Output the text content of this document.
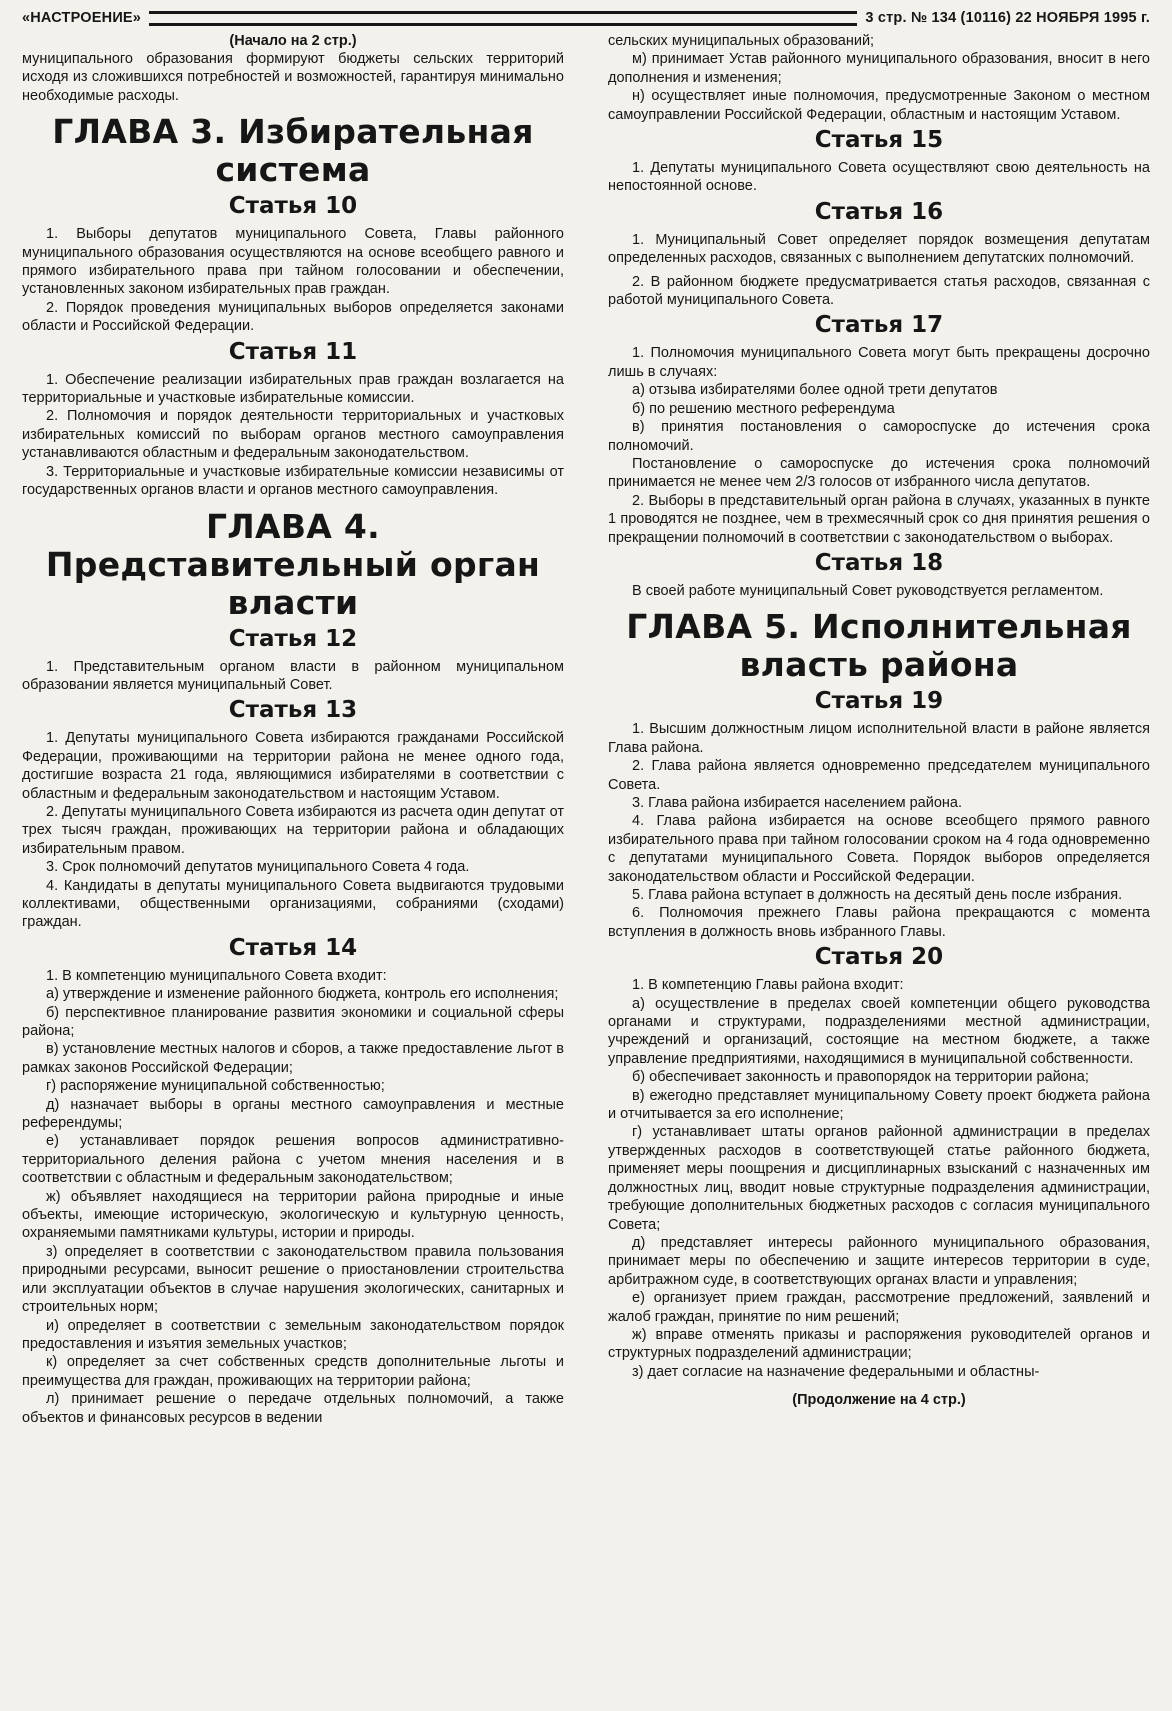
«НАСТРОЕНИЕ»	3 стр. № 134 (10116) 22 НОЯБРЯ 1995 г.
(Начало на 2 стр.)

муниципального образования формируют бюджеты сельских территорий исходя из сложившихся потребностей и возможностей, гарантируя минимально необходимые расходы.

ГЛАВА 3. Избирательная система
Статья 10

1. Выборы депутатов муниципального Совета, Главы районного муниципального образования осуществляются на основе всеобщего равного и прямого избирательного права при тайном голосовании и обеспечении, установленных законом избирательных прав граждан.

2. Порядок проведения муниципальных выборов определяется законами области и Российской Федерации.

Статья 11

1. Обеспечение реализации избирательных прав граждан возлагается на территориальные и участковые избирательные комиссии.

2. Полномочия и порядок деятельности территориальных и участковых избирательных комиссий по выборам органов местного самоуправления устанавливаются областным и федеральным законодательством.

3. Территориальные и участковые избирательные комиссии независимы от государственных органов власти и органов местного самоуправления.

ГЛАВА 4. Представительный орган власти
Статья 12

1. Представительным органом власти в районном муниципальном образовании является муниципальный Совет.

Статья 13

1. Депутаты муниципального Совета избираются гражданами Российской Федерации, проживающими на территории района не менее одного года, достигшие возраста 21 года, являющимися избирателями в соответствии с областным и федеральным законодательством и настоящим Уставом.

2. Депутаты муниципального Совета избираются из расчета один депутат от трех тысяч граждан, проживающих на территории района и обладающих избирательным правом.

3. Срок полномочий депутатов муниципального Совета 4 года.

4. Кандидаты в депутаты муниципального Совета выдвигаются трудовыми коллективами, общественными организациями, собраниями (сходами) граждан.

Статья 14

1. В компетенцию муниципального Совета входит:

а) утверждение и изменение районного бюджета, контроль его исполнения;

б) перспективное планирование развития экономики и социальной сферы района;

в) установление местных налогов и сборов, а также предоставление льгот в рамках законов Российской Федерации;

г) распоряжение муниципальной собственностью;

д) назначает выборы в органы местного самоуправления и местные референдумы;

е) устанавливает порядок решения вопросов административно-территориального деления района с учетом мнения населения и в соответствии с областным и федеральным законодательством;

ж) объявляет находящиеся на территории района природные и иные объекты, имеющие историческую, экологическую и культурную ценность, охраняемыми памятниками культуры, истории и природы.

з) определяет в соответствии с законодательством правила пользования природными ресурсами, выносит решение о приостановлении строительства или эксплуатации объектов в случае нарушения экологических, санитарных и строительных норм;

и) определяет в соответствии с земельным законодательством порядок предоставления и изъятия земельных участков;

к) определяет за счет собственных средств дополнительные льготы и преимущества для граждан, проживающих на территории района;

л) принимает решение о передаче отдельных полномочий, а также объектов и финансовых ресурсов в ведении

сельских муниципальных образований;

м) принимает Устав районного муниципального образования, вносит в него дополнения и изменения;

н) осуществляет иные полномочия, предусмотренные Законом о местном самоуправлении Российской Федерации, областным и настоящим Уставом.

Статья 15

1. Депутаты муниципального Совета осуществляют свою деятельность на непостоянной основе.

Статья 16

1. Муниципальный Совет определяет порядок возмещения депутатам определенных расходов, связанных с выполнением депутатских полномочий.

2. В районном бюджете предусматривается статья расходов, связанная с работой муниципального Совета.

Статья 17

1. Полномочия муниципального Совета могут быть прекращены досрочно лишь в случаях:

а) отзыва избирателями более одной трети депутатов

б) по решению местного референдума

в) принятия постановления о самороспуске до истечения срока полномочий.

Постановление о самороспуске до истечения срока полномочий принимается не менее чем 2/3 голосов от избранного числа депутатов.

2. Выборы в представительный орган района в случаях, указанных в пункте 1 проводятся не позднее, чем в трехмесячный срок со дня принятия решения о прекращении полномочий в соответствии с законодательством о выборах.

Статья 18

В своей работе муниципальный Совет руководствуется регламентом.

ГЛАВА 5. Исполнительная власть района
Статья 19

1. Высшим должностным лицом исполнительной власти в районе является Глава района.

2. Глава района является одновременно председателем муниципального Совета.

3. Глава района избирается населением района.

4. Глава района избирается на основе всеобщего прямого равного избирательного права при тайном голосовании сроком на 4 года одновременно с депутатами муниципального Совета. Порядок выборов определяется законодательством области и Российской Федерации.

5. Глава района вступает в должность на десятый день после избрания.

6. Полномочия прежнего Главы района прекращаются с момента вступления в должность вновь избранного Главы.

Статья 20

1. В компетенцию Главы района входит:

а) осуществление в пределах своей компетенции общего руководства органами и структурами, подразделениями местной администрации, учреждений и организаций, состоящие на местном бюджете, а также управление предприятиями, находящимися в муниципальной собственности.

б) обеспечивает законность и правопорядок на территории района;

в) ежегодно представляет муниципальному Совету проект бюджета района и отчитывается за его исполнение;

г) устанавливает штаты органов районной администрации в пределах утвержденных расходов в соответствующей статье районного бюджета, применяет меры поощрения и дисциплинарных взысканий с назначенных им должностных лиц, вводит новые структурные подразделения администрации, требующие дополнительных бюджетных расходов с согласия муниципального Совета;

д) представляет интересы районного муниципального образования, принимает меры по обеспечению и защите интересов территории в суде, арбитражном суде, в соответствующих органах власти и управления;

е) организует прием граждан, рассмотрение предложений, заявлений и жалоб граждан, принятие по ним решений;

ж) вправе отменять приказы и распоряжения руководителей органов и структурных подразделений администрации;

з) дает согласие на назначение федеральными и областны-

(Продолжение на 4 стр.)
